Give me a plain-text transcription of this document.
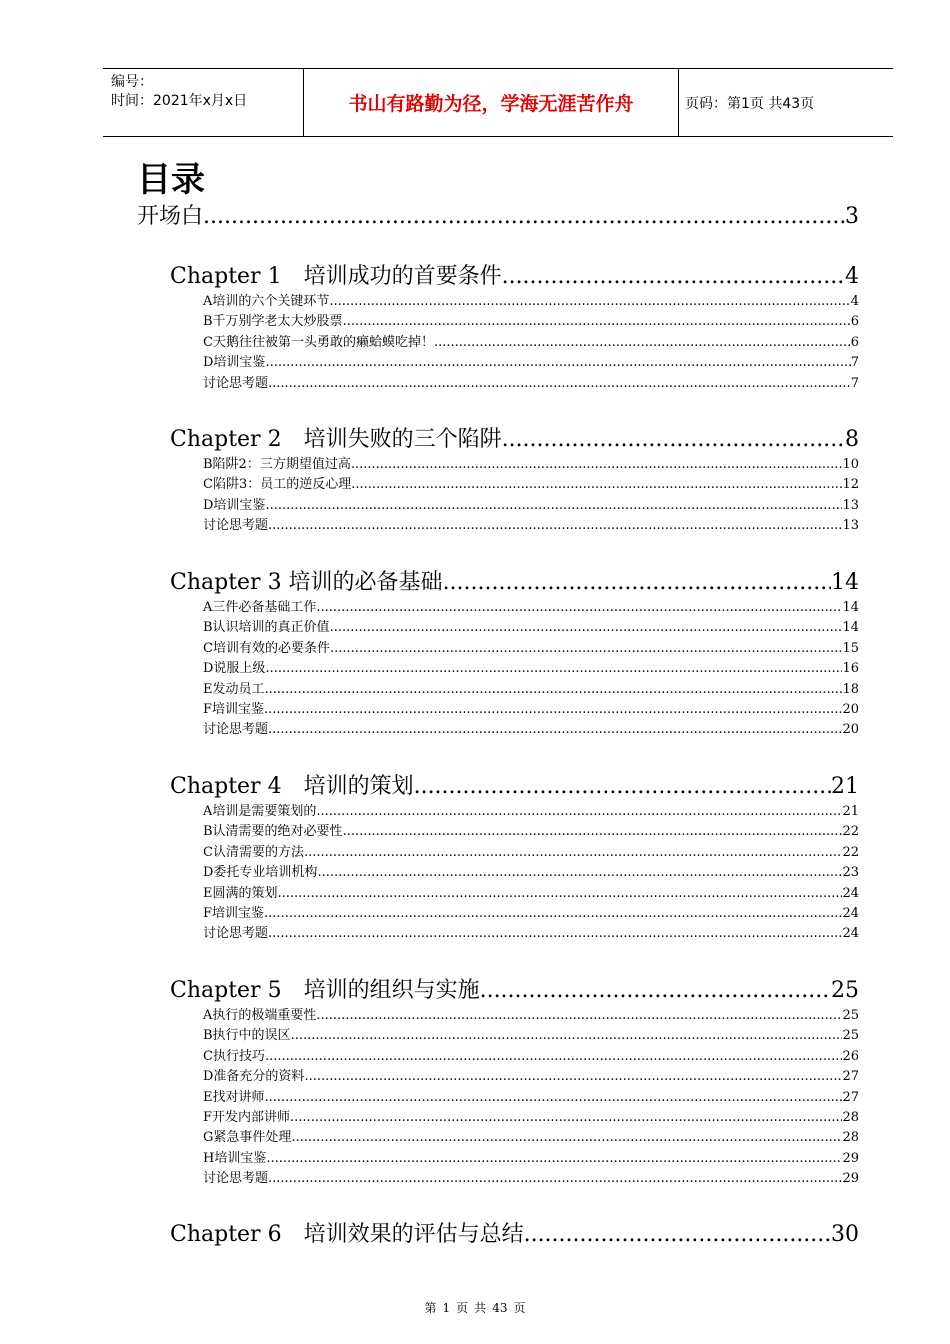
编号：
时间：2021年x月x日	书山有路勤为径，学海无涯苦作舟	页码：第1页 共43页
目录
开场白 .....	3
Chapter 1　培训成功的首要条件 .....	4
A培训的六个关键环节 .....	4
B千万别学老太大炒股票 .....	6
C天鹅往往被第一头勇敢的癞蛤蟆吃掉！ .....	6
D培训宝鉴 .....	7
讨论思考题 .....	7
Chapter 2　培训失败的三个陷阱 .....	8
B陷阱2：三方期望值过高 .....	10
C陷阱3：员工的逆反心理 .....	12
D培训宝鉴 .....	13
讨论思考题 .....	13
Chapter 3 培训的必备基础 .....	14
A三件必备基础工作 .....	14
B认识培训的真正价值 .....	14
C培训有效的必要条件 .....	15
D说服上级 .....	16
E发动员工 .....	18
F培训宝鉴 .....	20
讨论思考题 .....	20
Chapter 4　培训的策划 .....	21
A培训是需要策划的 .....	21
B认清需要的绝对必要性 .....	22
C认清需要的方法 .....	22
D委托专业培训机构 .....	23
E圆满的策划 .....	24
F培训宝鉴 .....	24
讨论思考题 .....	24
Chapter 5　培训的组织与实施 .....	25
A执行的极端重要性 .....	25
B执行中的误区 .....	25
C执行技巧 .....	26
D准备充分的资料 .....	27
E找对讲师 .....	27
F开发内部讲师 .....	28
G紧急事件处理 .....	28
H培训宝鉴 .....	29
讨论思考题 .....	29
Chapter 6　培训效果的评估与总结 .....	30
第 1 页 共 43 页
